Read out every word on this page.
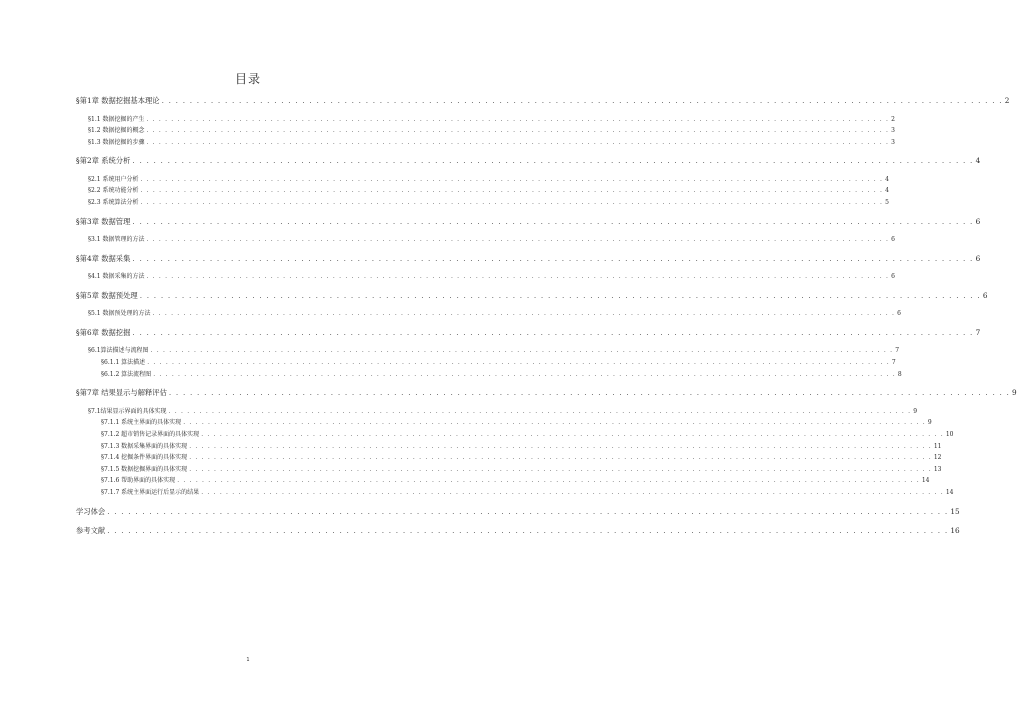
目录
§第1章 数据挖掘基本理论 . . . . . . . . . . . . . . . . . . . . . . . . . . . . . . . . . . . . . . . . . . . . . . . . . . . . . . . . . . . . . . . . . . . . . . . . . . . . . . . . . . . . . . . . . . . . . . . . . . . . . . . . . . . . . . . . . . . . . . . . 2
§1.1 数据挖掘的产生 . . . . . . . . . . . . . . . . . . . . . . . . . . . . . . . . . . . . . . . . . . . . . . . . . . . . . . . . . . . . . . . . . . . . . . . . . . . . . . . . . . . . . . . . . . . . . . . . . . . . . . . . . . . . . . . . . . . . . . . . 2
§1.2 数据挖掘的概念 . . . . . . . . . . . . . . . . . . . . . . . . . . . . . . . . . . . . . . . . . . . . . . . . . . . . . . . . . . . . . . . . . . . . . . . . . . . . . . . . . . . . . . . . . . . . . . . . . . . . . . . . . . . . . . . . . . . . . . . . 3
§1.3 数据挖掘的步骤 . . . . . . . . . . . . . . . . . . . . . . . . . . . . . . . . . . . . . . . . . . . . . . . . . . . . . . . . . . . . . . . . . . . . . . . . . . . . . . . . . . . . . . . . . . . . . . . . . . . . . . . . . . . . . . . . . . . . . . . . 3
§第2章 系统分析 . . . . . . . . . . . . . . . . . . . . . . . . . . . . . . . . . . . . . . . . . . . . . . . . . . . . . . . . . . . . . . . . . . . . . . . . . . . . . . . . . . . . . . . . . . . . . . . . . . . . . . . . . . . . . . . . . . . . . . . . 4
§2.1 系统用户分析 . . . . . . . . . . . . . . . . . . . . . . . . . . . . . . . . . . . . . . . . . . . . . . . . . . . . . . . . . . . . . . . . . . . . . . . . . . . . . . . . . . . . . . . . . . . . . . . . . . . . . . . . . . . . . . . . . . . . . . . . 4
§2.2 系统功能分析 . . . . . . . . . . . . . . . . . . . . . . . . . . . . . . . . . . . . . . . . . . . . . . . . . . . . . . . . . . . . . . . . . . . . . . . . . . . . . . . . . . . . . . . . . . . . . . . . . . . . . . . . . . . . . . . . . . . . . . . . 4
§2.3 系统算法分析 . . . . . . . . . . . . . . . . . . . . . . . . . . . . . . . . . . . . . . . . . . . . . . . . . . . . . . . . . . . . . . . . . . . . . . . . . . . . . . . . . . . . . . . . . . . . . . . . . . . . . . . . . . . . . . . . . . . . . . . . 5
§第3章 数据管理 . . . . . . . . . . . . . . . . . . . . . . . . . . . . . . . . . . . . . . . . . . . . . . . . . . . . . . . . . . . . . . . . . . . . . . . . . . . . . . . . . . . . . . . . . . . . . . . . . . . . . . . . . . . . . . . . . . . . . . . . 6
§3.1 数据管理的方法 . . . . . . . . . . . . . . . . . . . . . . . . . . . . . . . . . . . . . . . . . . . . . . . . . . . . . . . . . . . . . . . . . . . . . . . . . . . . . . . . . . . . . . . . . . . . . . . . . . . . . . . . . . . . . . . . . . . . . . . . 6
§第4章 数据采集 . . . . . . . . . . . . . . . . . . . . . . . . . . . . . . . . . . . . . . . . . . . . . . . . . . . . . . . . . . . . . . . . . . . . . . . . . . . . . . . . . . . . . . . . . . . . . . . . . . . . . . . . . . . . . . . . . . . . . . . . 6
§4.1 数据采集的方法 . . . . . . . . . . . . . . . . . . . . . . . . . . . . . . . . . . . . . . . . . . . . . . . . . . . . . . . . . . . . . . . . . . . . . . . . . . . . . . . . . . . . . . . . . . . . . . . . . . . . . . . . . . . . . . . . . . . . . . . . 6
§第5章 数据预处理 . . . . . . . . . . . . . . . . . . . . . . . . . . . . . . . . . . . . . . . . . . . . . . . . . . . . . . . . . . . . . . . . . . . . . . . . . . . . . . . . . . . . . . . . . . . . . . . . . . . . . . . . . . . . . . . . . . . . . . . . 6
§5.1 数据预处理的方法 . . . . . . . . . . . . . . . . . . . . . . . . . . . . . . . . . . . . . . . . . . . . . . . . . . . . . . . . . . . . . . . . . . . . . . . . . . . . . . . . . . . . . . . . . . . . . . . . . . . . . . . . . . . . . . . . . . . . . . . . 6
§第6章 数据挖掘 . . . . . . . . . . . . . . . . . . . . . . . . . . . . . . . . . . . . . . . . . . . . . . . . . . . . . . . . . . . . . . . . . . . . . . . . . . . . . . . . . . . . . . . . . . . . . . . . . . . . . . . . . . . . . . . . . . . . . . . . 7
§6.1算法描述与流程图 . . . . . . . . . . . . . . . . . . . . . . . . . . . . . . . . . . . . . . . . . . . . . . . . . . . . . . . . . . . . . . . . . . . . . . . . . . . . . . . . . . . . . . . . . . . . . . . . . . . . . . . . . . . . . . . . . . . . . . . . 7
§6.1.1 算法描述 . . . . . . . . . . . . . . . . . . . . . . . . . . . . . . . . . . . . . . . . . . . . . . . . . . . . . . . . . . . . . . . . . . . . . . . . . . . . . . . . . . . . . . . . . . . . . . . . . . . . . . . . . . . . . . . . . . . . . . . . 7
§6.1.2 算法流程图 . . . . . . . . . . . . . . . . . . . . . . . . . . . . . . . . . . . . . . . . . . . . . . . . . . . . . . . . . . . . . . . . . . . . . . . . . . . . . . . . . . . . . . . . . . . . . . . . . . . . . . . . . . . . . . . . . . . . . . . . 8
§第7章 结果显示与解释评估 . . . . . . . . . . . . . . . . . . . . . . . . . . . . . . . . . . . . . . . . . . . . . . . . . . . . . . . . . . . . . . . . . . . . . . . . . . . . . . . . . . . . . . . . . . . . . . . . . . . . . . . . . . . . . . . . . . . . . . . . 9
§7.1结果显示界面的具体实现 . . . . . . . . . . . . . . . . . . . . . . . . . . . . . . . . . . . . . . . . . . . . . . . . . . . . . . . . . . . . . . . . . . . . . . . . . . . . . . . . . . . . . . . . . . . . . . . . . . . . . . . . . . . . . . . . . . . . . . . . 9
§7.1.1 系统主界面的具体实现 . . . . . . . . . . . . . . . . . . . . . . . . . . . . . . . . . . . . . . . . . . . . . . . . . . . . . . . . . . . . . . . . . . . . . . . . . . . . . . . . . . . . . . . . . . . . . . . . . . . . . . . . . . . . . . . . . . . . . . . . 9
§7.1.2 超市销售记录界面的具体实现 . . . . . . . . . . . . . . . . . . . . . . . . . . . . . . . . . . . . . . . . . . . . . . . . . . . . . . . . . . . . . . . . . . . . . . . . . . . . . . . . . . . . . . . . . . . . . . . . . . . . . . . . . . . . . . . . . . . . . . . . 10
§7.1.3 数据采集界面的具体实现 . . . . . . . . . . . . . . . . . . . . . . . . . . . . . . . . . . . . . . . . . . . . . . . . . . . . . . . . . . . . . . . . . . . . . . . . . . . . . . . . . . . . . . . . . . . . . . . . . . . . . . . . . . . . . . . . . . . . . . . . 11
§7.1.4 挖掘条件界面的具体实现 . . . . . . . . . . . . . . . . . . . . . . . . . . . . . . . . . . . . . . . . . . . . . . . . . . . . . . . . . . . . . . . . . . . . . . . . . . . . . . . . . . . . . . . . . . . . . . . . . . . . . . . . . . . . . . . . . . . . . . . . 12
§7.1.5 数据挖掘界面的具体实现 . . . . . . . . . . . . . . . . . . . . . . . . . . . . . . . . . . . . . . . . . . . . . . . . . . . . . . . . . . . . . . . . . . . . . . . . . . . . . . . . . . . . . . . . . . . . . . . . . . . . . . . . . . . . . . . . . . . . . . . . 13
§7.1.6 帮助界面的具体实现 . . . . . . . . . . . . . . . . . . . . . . . . . . . . . . . . . . . . . . . . . . . . . . . . . . . . . . . . . . . . . . . . . . . . . . . . . . . . . . . . . . . . . . . . . . . . . . . . . . . . . . . . . . . . . . . . . . . . . . . . 14
§7.1.7 系统主界面运行后显示的结果 . . . . . . . . . . . . . . . . . . . . . . . . . . . . . . . . . . . . . . . . . . . . . . . . . . . . . . . . . . . . . . . . . . . . . . . . . . . . . . . . . . . . . . . . . . . . . . . . . . . . . . . . . . . . . . . . . . . . . . . . 14
学习体会 . . . . . . . . . . . . . . . . . . . . . . . . . . . . . . . . . . . . . . . . . . . . . . . . . . . . . . . . . . . . . . . . . . . . . . . . . . . . . . . . . . . . . . . . . . . . . . . . . . . . . . . . . . . . . . . . . . . . . . . . 15
参考文献 . . . . . . . . . . . . . . . . . . . . . . . . . . . . . . . . . . . . . . . . . . . . . . . . . . . . . . . . . . . . . . . . . . . . . . . . . . . . . . . . . . . . . . . . . . . . . . . . . . . . . . . . . . . . . . . . . . . . . . . . 16
1
